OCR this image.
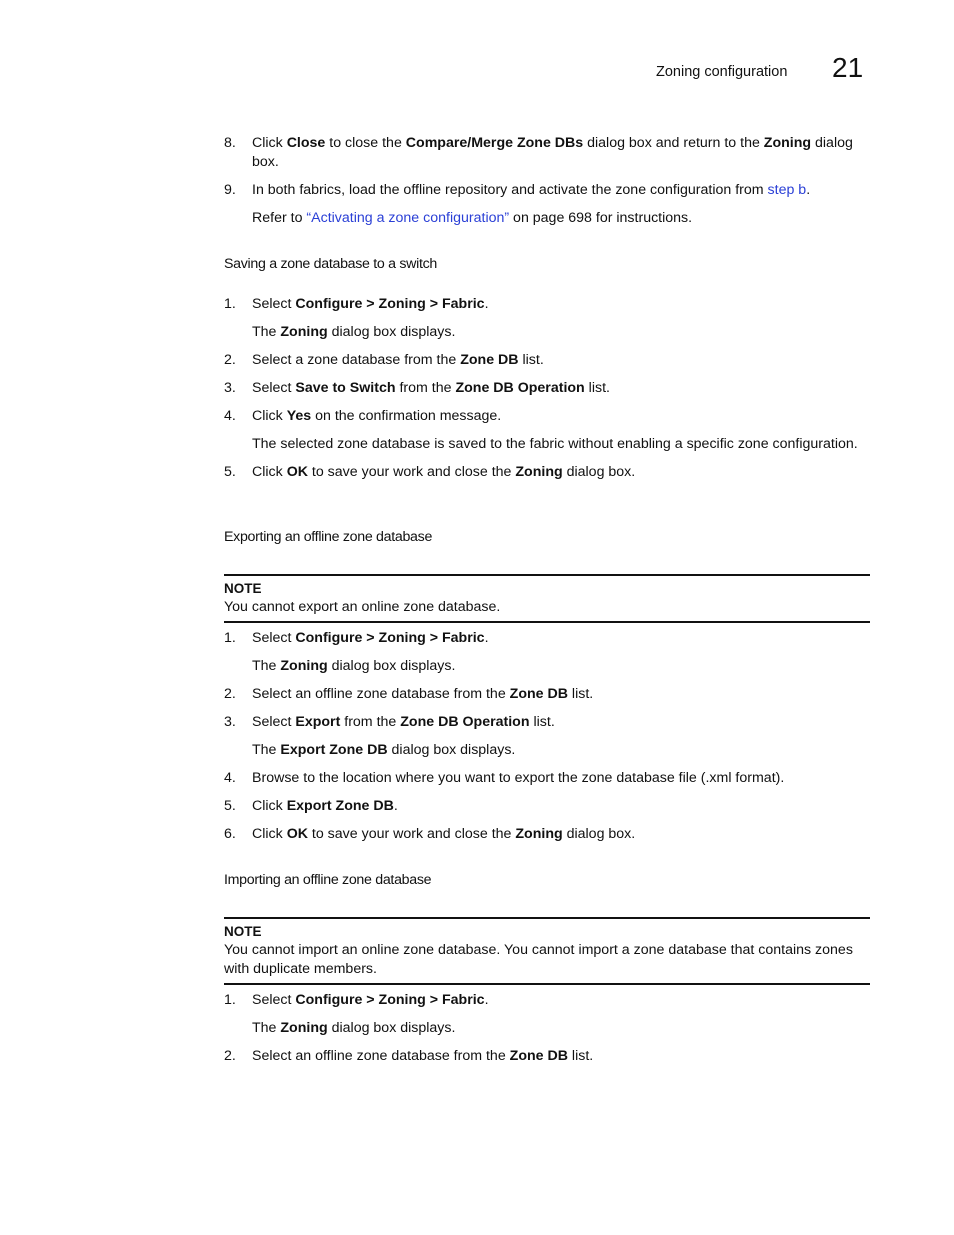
Zoning configuration 21
8. Click Close to close the Compare/Merge Zone DBs dialog box and return to the Zoning dialog box.
9. In both fabrics, load the offline repository and activate the zone configuration from step b.
Refer to “Activating a zone configuration” on page 698 for instructions.
Saving a zone database to a switch
1. Select Configure > Zoning > Fabric.
The Zoning dialog box displays.
2. Select a zone database from the Zone DB list.
3. Select Save to Switch from the Zone DB Operation list.
4. Click Yes on the confirmation message.
The selected zone database is saved to the fabric without enabling a specific zone configuration.
5. Click OK to save your work and close the Zoning dialog box.
Exporting an offline zone database
NOTE
You cannot export an online zone database.
1. Select Configure > Zoning > Fabric.
The Zoning dialog box displays.
2. Select an offline zone database from the Zone DB list.
3. Select Export from the Zone DB Operation list.
The Export Zone DB dialog box displays.
4. Browse to the location where you want to export the zone database file (.xml format).
5. Click Export Zone DB.
6. Click OK to save your work and close the Zoning dialog box.
Importing an offline zone database
NOTE
You cannot import an online zone database. You cannot import a zone database that contains zones with duplicate members.
1. Select Configure > Zoning > Fabric.
The Zoning dialog box displays.
2. Select an offline zone database from the Zone DB list.
